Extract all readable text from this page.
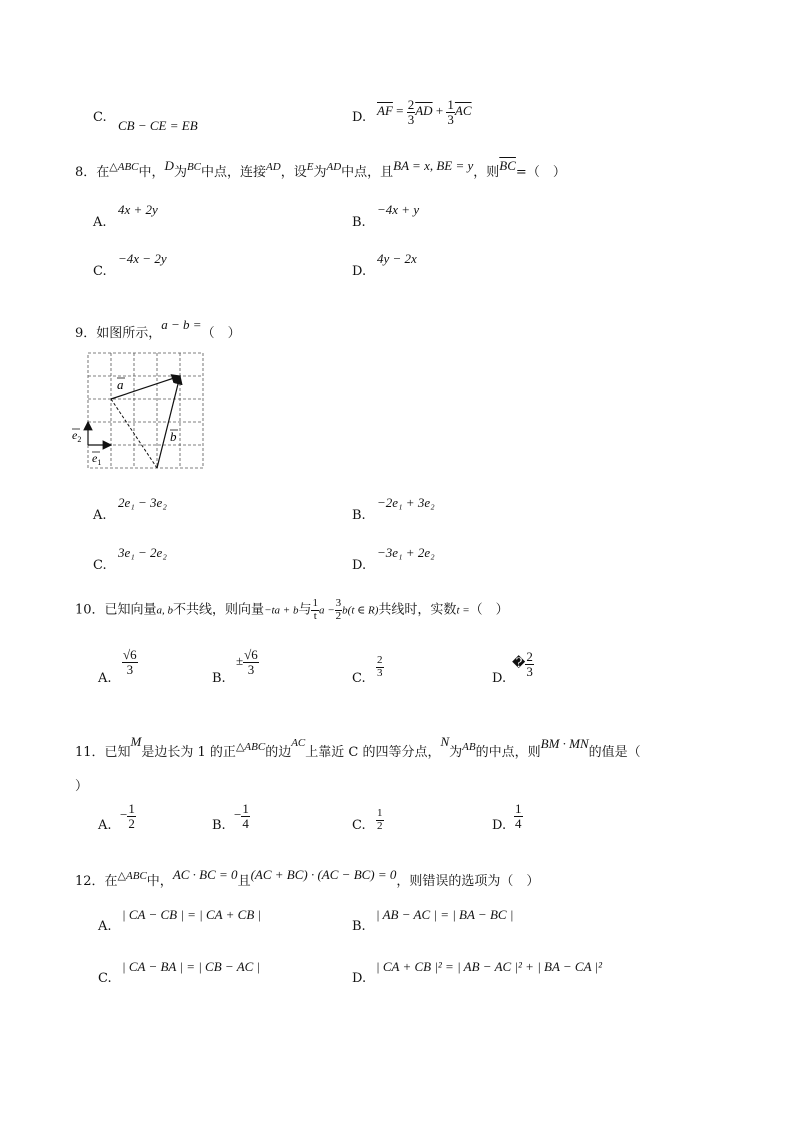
C.
CB − CE = EB
D. $\overline{AF} = \frac{2}{3} \overline{AD} + \frac{1}{3} \overline{AC}$
8．在$^{\triangle ABC}$中，D为$^{BC}$中点，连接$^{AD}$，设$^E$为$^{AD}$中点，且BA = x, BE = y，则$\overline{BC}=$（　）
A.
4x + 2y
B.
−4x + y
C.
−4x − 2y
D.
4y − 2x
9．如图所示，a − b =（　）
a
b
$e_1$
$e_2$
A.
2e₁ − 3e₂
B.
−2e₁ + 3e₂
C.
3e₁ − 2e₂
D.
−3e₁ + 2e₂
10．已知向量a, b不共线，则向量−ta + b与 $\frac{1}{t}$ $a - \frac{3}{2} b(t$ ∈ R)共线时，实数t =（　）
A.
$\frac{√6}{3}$
B.
± $\frac{√6}{3}$
C. $\frac{2}{3}$	D.
� $\frac{2}{3}$
11．已知M是边长为 1 的正$^{\triangle ABC}$的边$^{AC}$上靠近 C 的四等分点，N为$^{AB}$的中点，则BM · MN的值是（
）
A.
− $\frac{1}{2}$	B.
− $\frac{1}{4}$	C. $\frac{1}{2}$	D. $\frac{1}{4}$
12．在$^{\triangle ABC}$中，AC · BC = 0且(AC + BC) · (AC − BC) = 0，则错误的选项为（　）
A.
| CA − CB | = | CA + CB |
B.
| AB − AC | = | BA − BC |
C.
| CA − BA | = | CB − AC |
D.
| CA + CB |² = | AB − AC |² + | BA − CA |²
